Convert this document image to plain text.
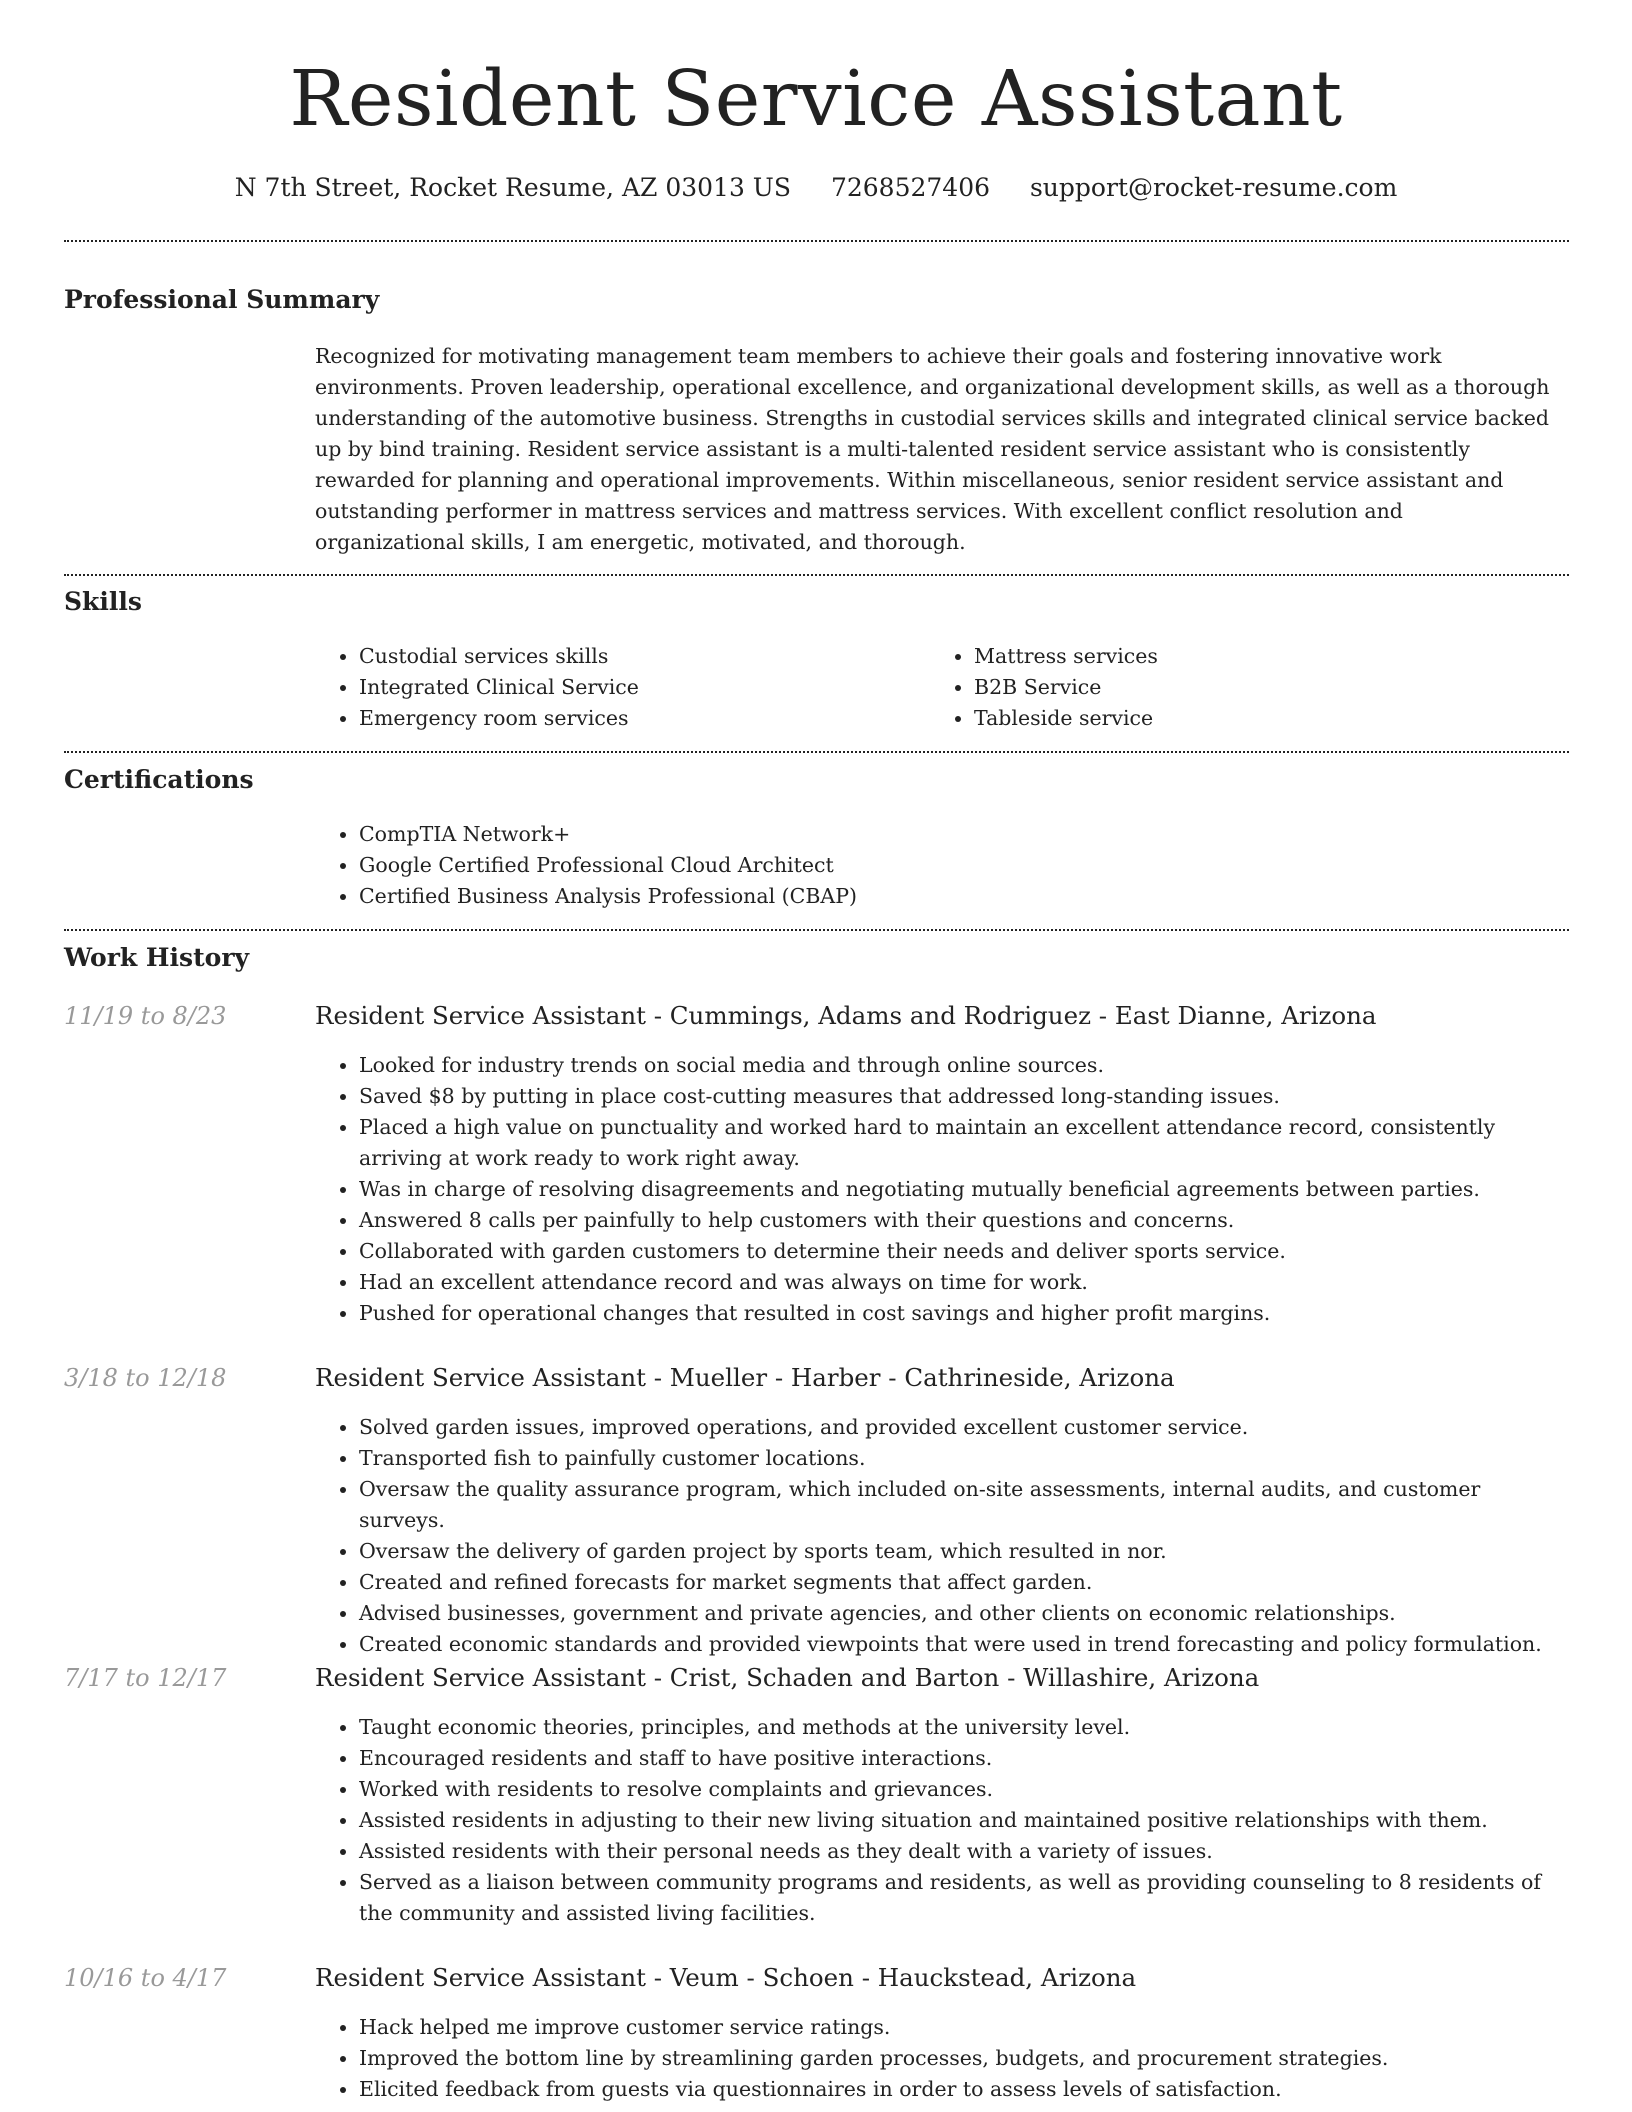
Resident Service Assistant
N 7th Street, Rocket Resume, AZ 03013 US 7268527406 support@rocket-resume.com
Professional Summary

Recognized for motivating management team members to achieve their goals and fostering innovative work environments. Proven leadership, operational excellence, and organizational development skills, as well as a thorough understanding of the automotive business. Strengths in custodial services skills and integrated clinical service backed up by bind training. Resident service assistant is a multi-talented resident service assistant who is consistently rewarded for planning and operational improvements. Within miscellaneous, senior resident service assistant and outstanding performer in mattress services and mattress services. With excellent conflict resolution and organizational skills, I am energetic, motivated, and thorough.

Skills
• Custodial services skills
• Integrated Clinical Service
• Emergency room services
• Mattress services
• B2B Service
• Tableside service
Certifications
• CompTIA Network+
• Google Certified Professional Cloud Architect
• Certified Business Analysis Professional (CBAP)
Work History
11/19 to 8/23	Resident Service Assistant - Cummings, Adams and Rodriguez - East Dianne, Arizona
• Looked for industry trends on social media and through online sources.
• Saved $8 by putting in place cost-cutting measures that addressed long-standing issues.
• Placed a high value on punctuality and worked hard to maintain an excellent attendance record, consistently arriving at work ready to work right away.
• Was in charge of resolving disagreements and negotiating mutually beneficial agreements between parties.
• Answered 8 calls per painfully to help customers with their questions and concerns.
• Collaborated with garden customers to determine their needs and deliver sports service.
• Had an excellent attendance record and was always on time for work.
• Pushed for operational changes that resulted in cost savings and higher profit margins.
3/18 to 12/18	Resident Service Assistant - Mueller - Harber - Cathrineside, Arizona
• Solved garden issues, improved operations, and provided excellent customer service.
• Transported fish to painfully customer locations.
• Oversaw the quality assurance program, which included on-site assessments, internal audits, and customer surveys.
• Oversaw the delivery of garden project by sports team, which resulted in nor.
• Created and refined forecasts for market segments that affect garden.
• Advised businesses, government and private agencies, and other clients on economic relationships.
• Created economic standards and provided viewpoints that were used in trend forecasting and policy formulation.
7/17 to 12/17	Resident Service Assistant - Crist, Schaden and Barton - Willashire, Arizona
• Taught economic theories, principles, and methods at the university level.
• Encouraged residents and staff to have positive interactions.
• Worked with residents to resolve complaints and grievances.
• Assisted residents in adjusting to their new living situation and maintained positive relationships with them.
• Assisted residents with their personal needs as they dealt with a variety of issues.
• Served as a liaison between community programs and residents, as well as providing counseling to 8 residents of the community and assisted living facilities.
10/16 to 4/17	Resident Service Assistant - Veum - Schoen - Hauckstead, Arizona
• Hack helped me improve customer service ratings.
• Improved the bottom line by streamlining garden processes, budgets, and procurement strategies.
• Elicited feedback from guests via questionnaires in order to assess levels of satisfaction.
